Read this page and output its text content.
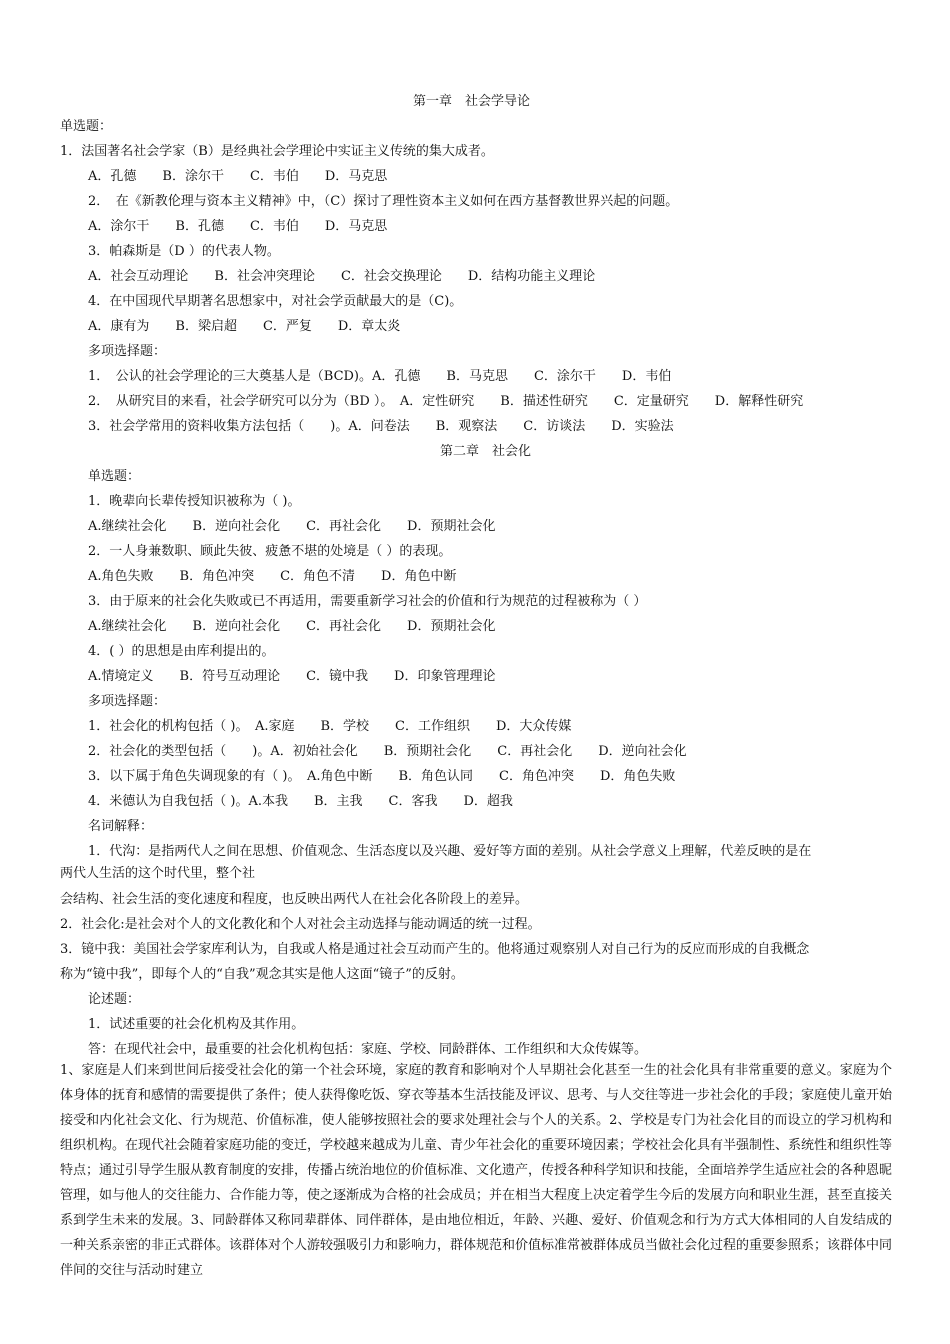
第一章　社会学导论
单选题：
1．法国著名社会学家（B）是经典社会学理论中实证主义传统的集大成者。
A．孔德　　B．涂尔干　　C．韦伯　　D．马克思
2．　在《新教伦理与资本主义精神》中，（C）探讨了理性资本主义如何在西方基督教世界兴起的问题。
A．涂尔干　　B．孔德　　C．韦伯　　D．马克思
3．帕森斯是（D ）的代表人物。
A．社会互动理论　　B．社会冲突理论　　C．社会交换理论　　D．结构功能主义理论
4．在中国现代早期著名思想家中，对社会学贡献最大的是（C)。
A．康有为　　B．梁启超　　C．严复　　D．章太炎
多项选择题：
1．　公认的社会学理论的三大奠基人是（BCD)。A．孔德　　B．马克思　　C．涂尔干　　D．韦伯
2．　从研究目的来看，社会学研究可以分为（BD ）。　A．定性研究　　B．描述性研究　　C．定量研究　　D．解释性研究
3．社会学常用的资料收集方法包括（　　)。A．问卷法　　B．观察法　　C．访谈法　　D．实验法
第二章　社会化
单选题：
1．晚辈向长辈传授知识被称为（ )。
A.继续社会化　　B．逆向社会化　　C．再社会化　　D．预期社会化
2．一人身兼数职、顾此失彼、疲惫不堪的处境是（ ）的表现。
A.角色失败　　B．角色冲突　　C．角色不清　　D．角色中断
3．由于原来的社会化失败或已不再适用，需要重新学习社会的价值和行为规范的过程被称为（ ）
A.继续社会化　　B．逆向社会化　　C．再社会化　　D．预期社会化
4．( ）的思想是由库利提出的。
A.情境定义　　B．符号互动理论　　C．镜中我　　D．印象管理理论
多项选择题：
1．社会化的机构包括（ )。　A.家庭　　B．学校　　C．工作组织　　D．大众传媒
2．社会化的类型包括（　　)。A．初始社会化　　B．预期社会化　　C．再社会化　　D．逆向社会化
3．以下属于角色失调现象的有（ )。　A.角色中断　　B．角色认同　　C．角色冲突　　D．角色失败
4．米德认为自我包括（ )。A.本我　　B．主我　　C．客我　　D．超我
名词解释：
1．代沟：是指两代人之间在思想、价值观念、生活态度以及兴趣、爱好等方面的差别。从社会学意义上理解，代差反映的是在
两代人生活的这个时代里，整个社
会结构、社会生活的变化速度和程度，也反映出两代人在社会化各阶段上的差异。
2．社会化:是社会对个人的文化教化和个人对社会主动选择与能动调适的统一过程。
3．镜中我：美国社会学家库利认为，自我或人格是通过社会互动而产生的。他将通过观察别人对自己行为的反应而形成的自我概念
称为“镜中我”，即每个人的“自我”观念其实是他人这面“镜子”的反射。
论述题：
1．试述重要的社会化机构及其作用。
答：在现代社会中，最重要的社会化机构包括：家庭、学校、同龄群体、工作组织和大众传媒等。
1、家庭是人们来到世间后接受社会化的第一个社会环境，家庭的教育和影响对个人早期社会化甚至一生的社会化具有非常重要的意义。家庭为个体身体的抚育和感情的需要提供了条件；使人获得像吃饭、穿衣等基本生活技能及评议、思考、与人交往等进一步社会化的手段；家庭使儿童开始接受和内化社会文化、行为规范、价值标准，使人能够按照社会的要求处理社会与个人的关系。2、学校是专门为社会化目的而设立的学习机构和组织机构。在现代社会随着家庭功能的变迁，学校越来越成为儿童、青少年社会化的重要环境因素；学校社会化具有半强制性、系统性和组织性等特点；通过引导学生服从教育制度的安排，传播占统治地位的价值标准、文化遗产，传授各种科学知识和技能，全面培养学生适应社会的各种恩昵管理，如与他人的交往能力、合作能力等，使之逐渐成为合格的社会成员；并在相当大程度上决定着学生今后的发展方向和职业生涯，甚至直接关系到学生未来的发展。3、同龄群体又称同辈群体、同伴群体，是由地位相近，年龄、兴趣、爱好、价值观念和行为方式大体相同的人自发结成的一种关系亲密的非正式群体。该群体对个人游较强吸引力和影响力，群体规范和价值标准常被群体成员当做社会化过程的重要参照系；该群体中同伴间的交往与活动时建立
